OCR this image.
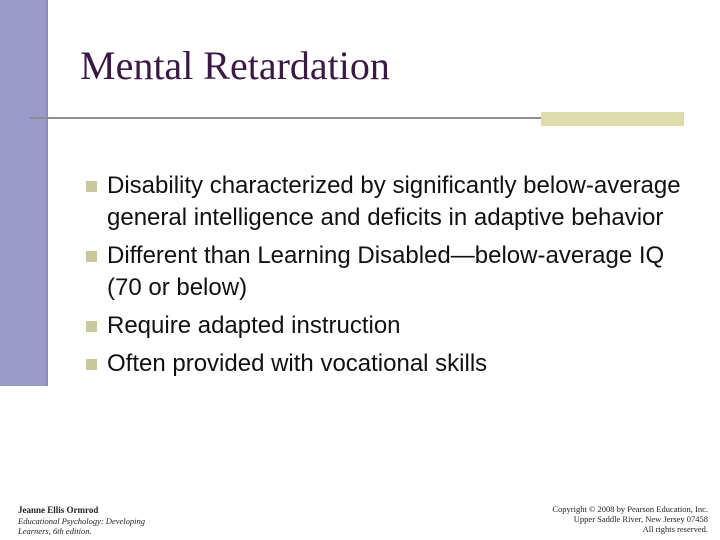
Mental Retardation
Disability characterized by significantly below-average general intelligence and deficits in adaptive behavior
Different than Learning Disabled—below-average IQ (70 or below)
Require adapted instruction
Often provided with vocational skills
Jeanne Ellis Ormrod
Educational Psychology: Developing
Learners, 6th edition.
Copyright © 2008 by Pearson Education, Inc.
Upper Saddle River, New Jersey 07458
All rights reserved.
